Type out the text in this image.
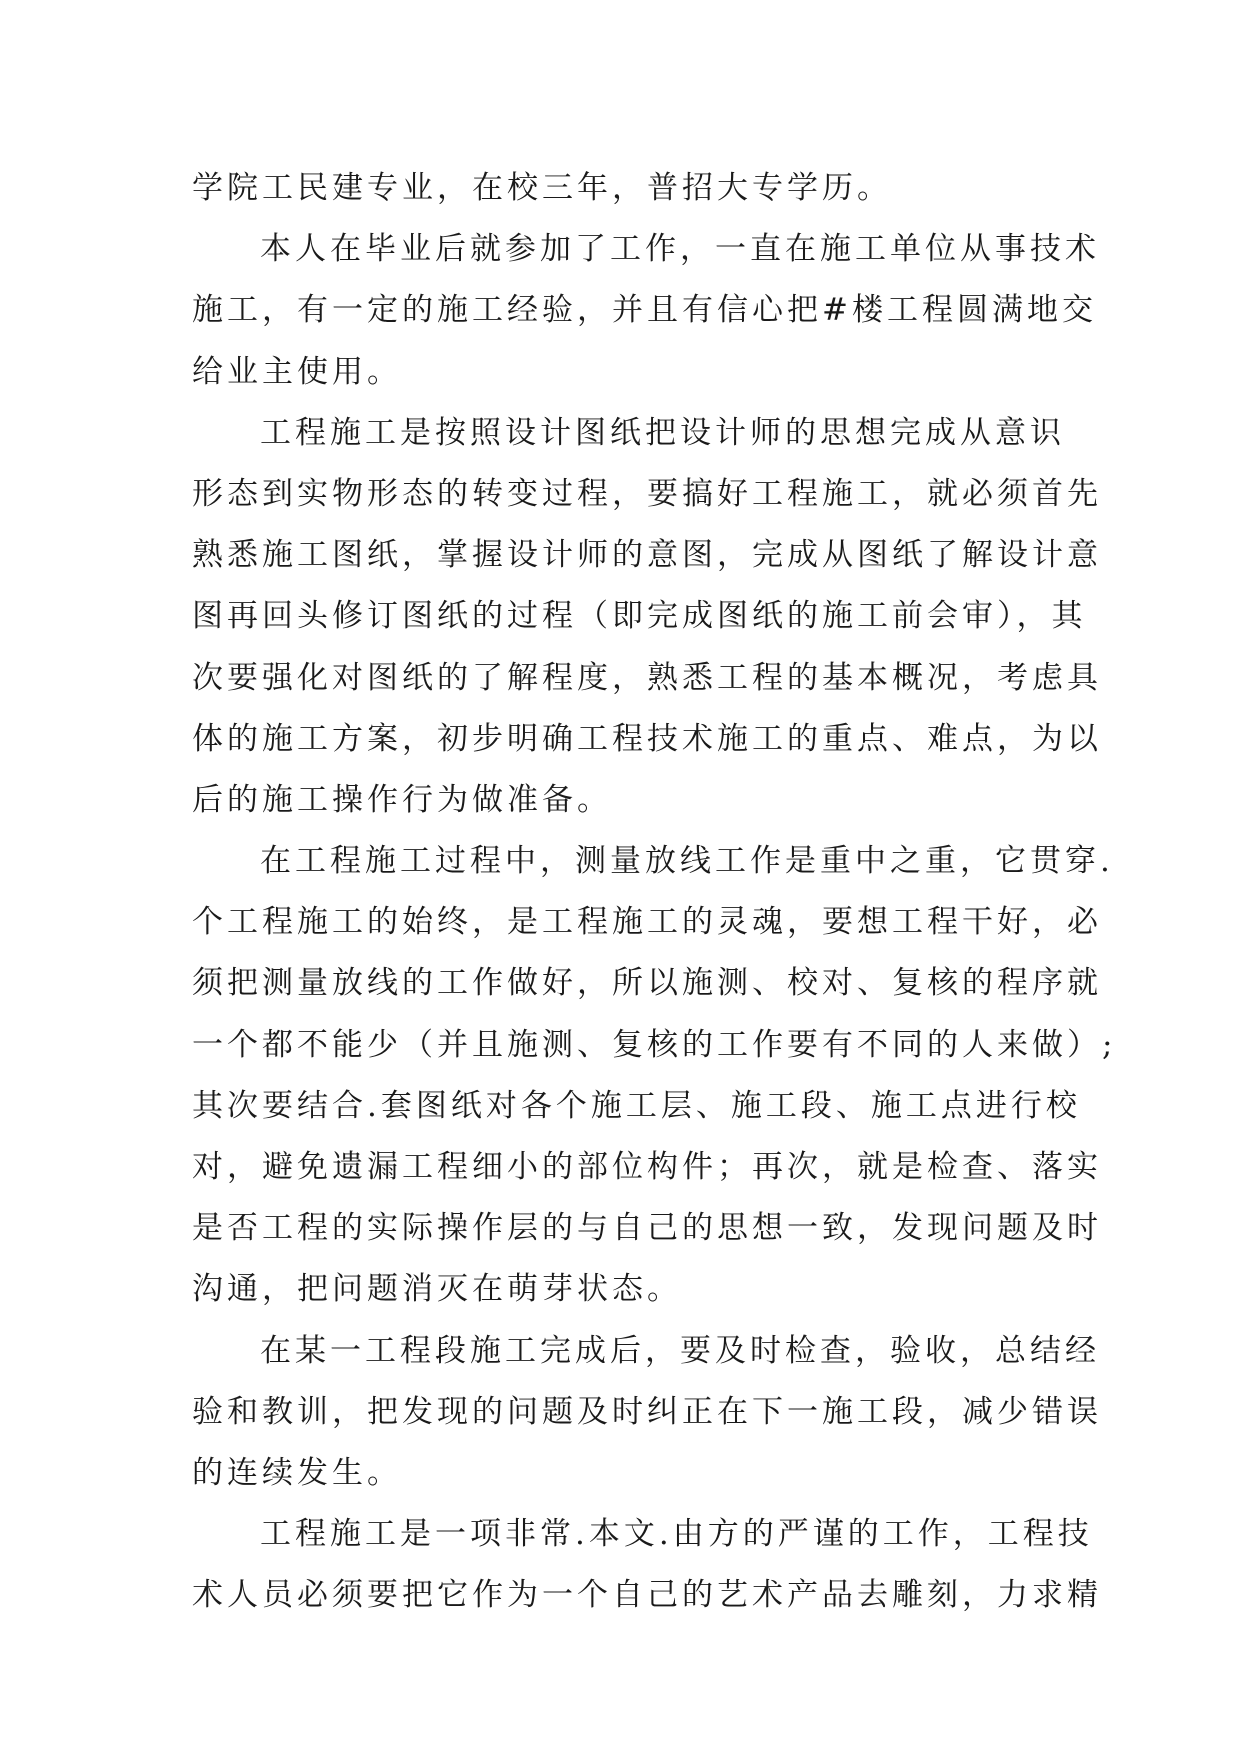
学院工民建专业，在校三年，普招大专学历。
本人在毕业后就参加了工作，一直在施工单位从事技术
施工，有一定的施工经验，并且有信心把#楼工程圆满地交
给业主使用。
工程施工是按照设计图纸把设计师的思想完成从意识
形态到实物形态的转变过程，要搞好工程施工，就必须首先
熟悉施工图纸，掌握设计师的意图，完成从图纸了解设计意
图再回头修订图纸的过程（即完成图纸的施工前会审），其
次要强化对图纸的了解程度，熟悉工程的基本概况，考虑具
体的施工方案，初步明确工程技术施工的重点、难点，为以
后的施工操作行为做准备。
在工程施工过程中，测量放线工作是重中之重，它贯穿.
个工程施工的始终，是工程施工的灵魂，要想工程干好，必
须把测量放线的工作做好，所以施测、校对、复核的程序就
一个都不能少（并且施测、复核的工作要有不同的人来做）;
其次要结合.套图纸对各个施工层、施工段、施工点进行校
对，避免遗漏工程细小的部位构件；再次，就是检查、落实
是否工程的实际操作层的与自己的思想一致，发现问题及时
沟通，把问题消灭在萌芽状态。
在某一工程段施工完成后，要及时检查，验收，总结经
验和教训，把发现的问题及时纠正在下一施工段，减少错误
的连续发生。
工程施工是一项非常.本文.由方的严谨的工作，工程技
术人员必须要把它作为一个自己的艺术产品去雕刻，力求精
